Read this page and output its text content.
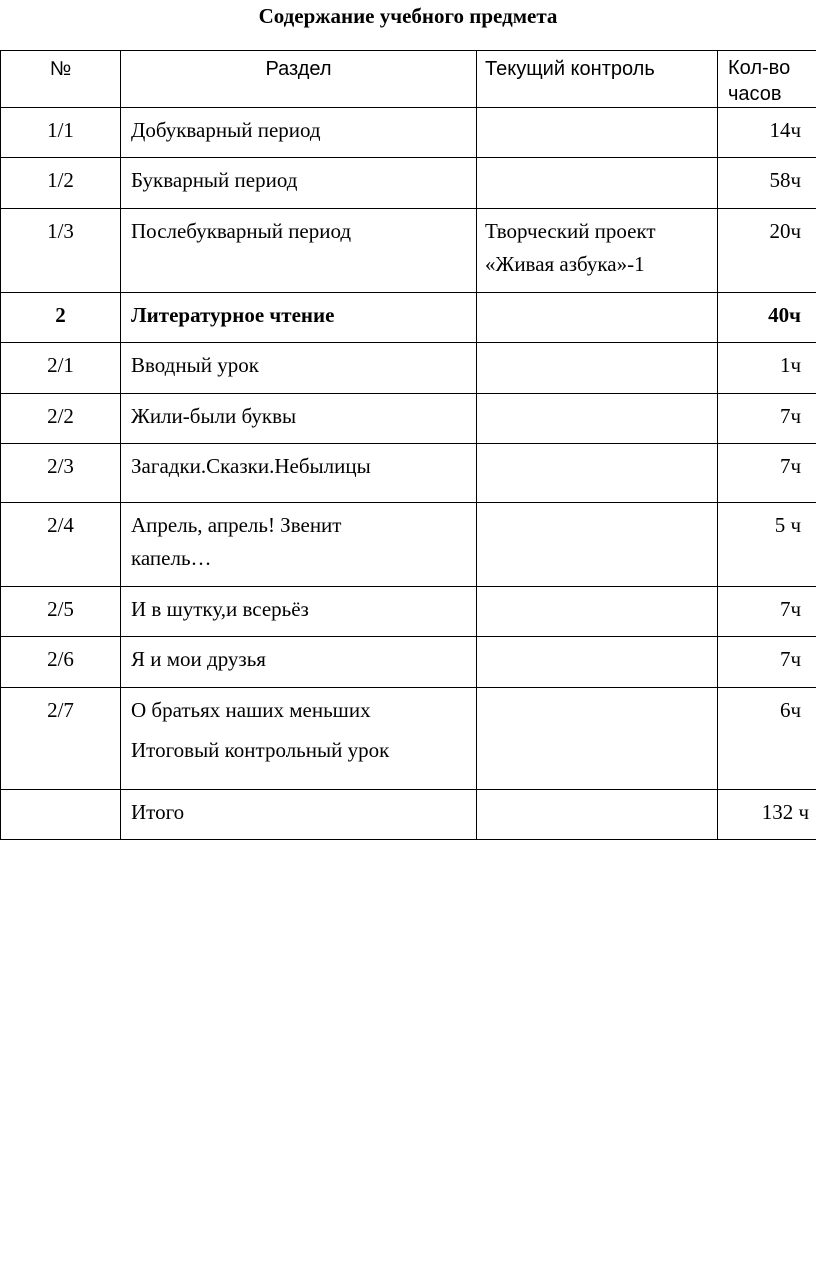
Содержание учебного предмета
№	Раздел	Текущий контроль	Кол-во
часов
1/1	Добукварный период		14ч
1/2	Букварный период		58ч
1/3	Послебукварный период	Творческий проект
«Живая азбука»-1	20ч
2	Литературное чтение		40ч
2/1	Вводный урок		1ч
2/2	Жили-были буквы		7ч
2/3	Загадки.Сказки.Небылицы		7ч
2/4	Апрель, апрель! Звенит
капель…		5 ч
2/5	И в шутку,и всерьёз		7ч
2/6	Я и мои друзья		7ч
2/7	О братьях наших меньших
Итоговый контрольный урок		6ч
	Итого		132 ч
